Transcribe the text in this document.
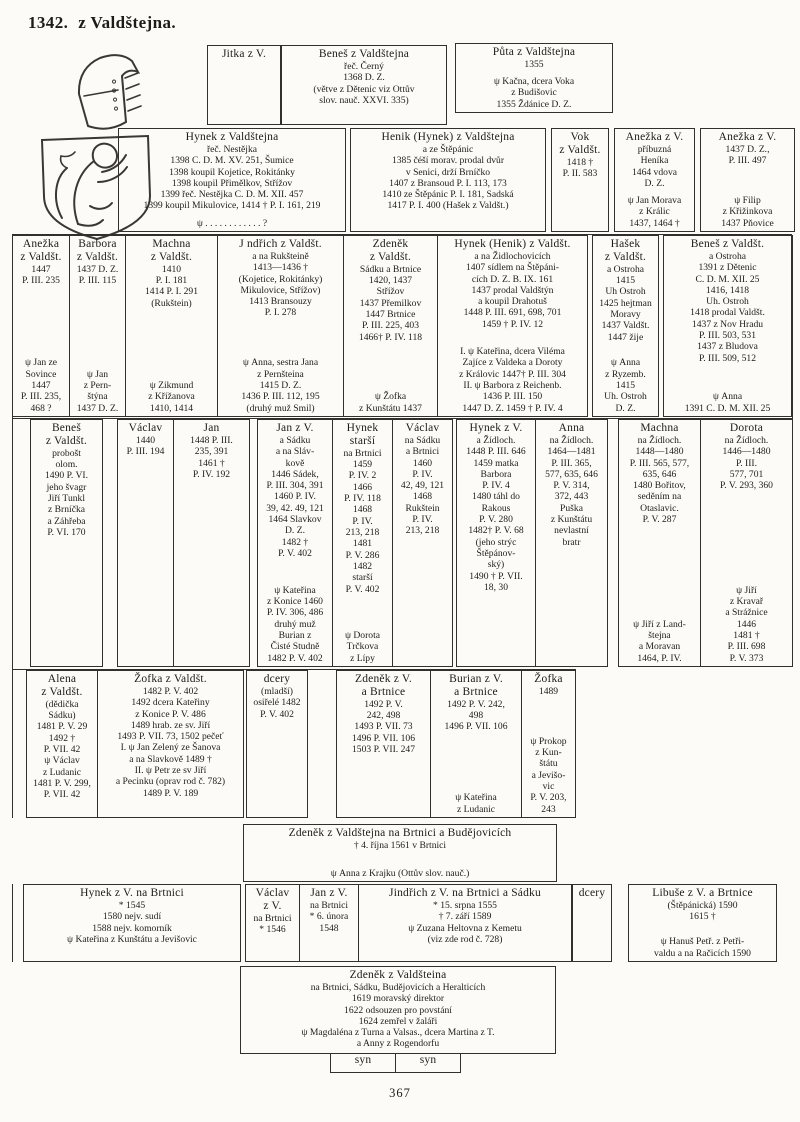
1342. z Valdštejna.
Jitka z V.	Beneš z Valdštejna
řeč. Černý
1368 D. Z.
(větve z Dětenic viz Ottův
slov. nauč. XXVI. 335)
Půta z Valdštejna
1355
ψ Kačna, dcera Voka
z Budišovic
1355 Ždánice D. Z.
Hynek z Valdštejna
řeč. Nestějka
1398 C. D. M. XV. 251, Šumice
1398 koupil Kojetice, Rokitánky
1398 koupil Přimělkov, Střížov
1399 řeč. Nestějka C. D. M. XII. 457
1399 koupil Mikulovice, 1414 † P. I. 161, 219
ψ . . . . . . . . . . . . ?
Henik (Hynek) z Valdštejna
a ze Štěpánic
1385 čéší morav. prodal dvůr
v Senici, drží Brníčko
1407 z Bransoud P. I. 113, 173
1410 ze Štěpánic P. I. 181, Sadská
1417 P. I. 400 (Hašek z Valdšt.)
Vok
z Valdšt.
1418 †
P. II. 583
Anežka z V.
příbuzná
Heníka
1464 vdova
D. Z.
ψ Jan Morava
z Králic
1437, 1464 †
Anežka z V.
1437 D. Z.,
P. III. 497
ψ Filip
z Křižinkova
1437 Pňovice
Anežka
z Valdšt.
1447
P. III. 235
ψ Jan ze
Sovince
1447
P. III. 235,
468 ?
Barbora
z Valdšt.
1437 D. Z.
P. III. 115
ψ Jan
z Pern-
štýna
1437 D. Z.
Machna
z Valdšt.
1410
P. I. 181
1414 P. I. 291
(Rukštein)
ψ Zikmund
z Křížanova
1410, 1414
J ndřich z Valdšt.
a na Rukšteině
1413—1436 †
(Kojetice, Rokitánky)
Mikulovice, Střížov)
1413 Bransouzy
P. I. 278
ψ Anna, sestra Jana
z Pernšteina
1415 D. Z.
1436 P. III. 112, 195
(druhý muž Smil)
Zdeněk
z Valdšt.
Sádku a Brtnice
1420, 1437
Střížov
1437 Přemilkov
1447 Brtnice
P. III. 225, 403
1466† P. IV. 118
ψ Žofka
z Kunštátu 1437
Hynek (Henik) z Valdšt.
a na Židlochovicích
1407 sídlem na Štěpáni-
cích D. Z. B. IX. 161
1437 prodal Valdštýn
a koupil Drahotuš
1448 P. III. 691, 698, 701
1459 † P. IV. 12
I. ψ Kateřina, dcera Viléma
Zajíce z Valdeka a Doroty
z Královic 1447† P. III. 304
II. ψ Barbora z Reichenb.
1436 P. III. 150
1447 D. Z. 1459 † P. IV. 4
Hašek
z Valdšt.
a Ostroha
1415
Uh Ostroh
1425 hejtman
Moravy
1437 Valdšt.
1447 žije
ψ Anna
z Ryzemb.
1415
Uh. Ostroh
D. Z.
Beneš z Valdšt.
a Ostroha
1391 z Dětenic
C. D. M. XII. 25
1416, 1418
Uh. Ostroh
1418 prodal Valdšt.
1437 z Nov Hradu
P. III. 503, 531
1437 z Bludova
P. III. 509, 512
ψ Anna
1391 C. D. M. XII. 25
Beneš
z Valdšt.
probošt
olom.
1490 P. VI.
jeho švagr
Jiří Tunkl
z Brníčka
a Záhřeba
P. VI. 170
Václav
1440
P. III. 194
Jan
1448 P. III.
235, 391
1461 †
P. IV. 192
Jan z V.
a Sádku
a na Sláv-
kově
1446 Sádek,
P. III. 304, 391
1460 P. IV.
39, 42. 49, 121
1464 Slavkov
D. Z.
1482 †
P. V. 402
ψ Kateřina
z Konice 1460
P. IV. 306, 486
druhý muž
Burian z
Čisté Studně
1482 P. V. 402
Hynek
starší
na Brtnici
1459
P. IV. 2
1466
P. IV. 118
1468
P. IV.
213, 218
1481
P. V. 286
1482
starší
P. V. 402
ψ Dorota
Trčkova
z Lípy
Václav
na Sádku
a Brtnici
1460
P. IV.
42, 49, 121
1468
Rukštein
P. IV.
213, 218
Hynek z V.
a Žídloch.
1448 P. III. 646
1459 matka
Barbora
P. IV. 4
1480 táhl do
Rakous
P. V. 280
1482† P. V. 68
(jeho strýc
Štěpánov-
ský)
1490 † P. VII.
18, 30
Anna
na Žídloch.
1464—1481
P. III. 365,
577, 635, 646
P. V. 314,
372, 443
Puška
z Kunštátu
nevlastní
bratr
Machna
na Žídloch.
1448—1480
P. III. 565, 577,
635, 646
1480 Bořitov,
seděním na
Otaslavic.
P. V. 287
ψ Jiří z Land-
štejna
a Moravan
1464, P. IV.
Dorota
na Žídloch.
1446—1480
P. III.
577, 701
P. V. 293, 360
ψ Jiří
z Kravař
a Strážnice
1446
1481 †
P. III. 698
P. V. 373
Alena
z Valdšt.
(dědička
Sádku)
1481 P. V. 29
1492 †
P. VII. 42
ψ Václav
z Ludanic
1481 P. V. 299,
P. VII. 42
Žofka z Valdšt.
1482 P. V. 402
1492 dcera Kateřiny
z Konice P. V. 486
1489 hrab. ze sv. Jiří
1493 P. VII. 73, 1502 pečeť
I. ψ Jan Zelený ze Šanova
a na Slavkově 1489 †
II. ψ Petr ze sv Jiří
a Pecinku (oprav rod č. 782)
1489 P. V. 189
dcery
(mladší)
osiřelé 1482
P. V. 402
Zdeněk z V.
a Brtnice
1492 P. V.
242, 498
1493 P. VII. 73
1496 P. VII. 106
1503 P. VII. 247
Burian z V.
a Brtnice
1492 P. V. 242,
498
1496 P. VII. 106
ψ Kateřina
z Ludanic
Žofka
1489
ψ Prokop
z Kun-
štátu
a Jevišo-
vic
P. V. 203,
243
Zdeněk z Valdštejna na Brtnici a Budějovicích
† 4. října 1561 v Brtnici
ψ Anna z Krajku (Ottův slov. nauč.)
Hynek z V. na Brtnici
* 1545
1580 nejv. sudí
1588 nejv. komorník
ψ Kateřina z Kunštátu a Jevišovic
Václav
z V.
na Brtnici
* 1546
Jan z V.
na Brtnici
* 6. února
1548
Jindřich z V. na Brtnici a Sádku
* 15. srpna 1555
† 7. září 1589
ψ Zuzana Heltovna z Kemetu
(viz zde rod č. 728)
dcery	Libuše z V. a Brtnice
(Štěpánická) 1590
1615 †
ψ Hanuš Petř. z Petři-
valdu a na Račicích 1590
Zdeněk z Valdšteina
na Brtnici, Sádku, Budějovicích a Heralticích
1619 moravský direktor
1622 odsouzen pro povstání
1624 zemřel v žaláři
ψ Magdaléna z Turna a Valsas., dcera Martina z T.
a Anny z Rogendorfu
syn	syn
367
